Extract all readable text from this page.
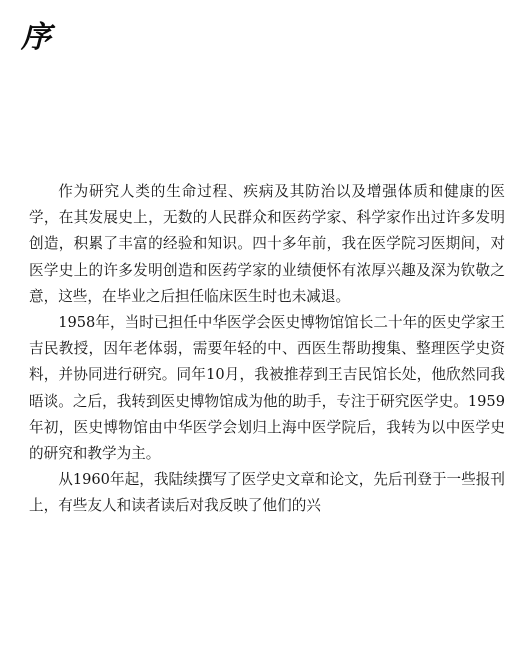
序

作为研究人类的生命过程、疾病及其防治以及增强体质和健康的医学，在其发展史上，无数的人民群众和医药学家、科学家作出过许多发明创造，积累了丰富的经验和知识。四十多年前，我在医学院习医期间，对医学史上的许多发明创造和医药学家的业绩便怀有浓厚兴趣及深为钦敬之意，这些，在毕业之后担任临床医生时也未减退。

1958年，当时已担任中华医学会医史博物馆馆长二十年的医史学家王吉民教授，因年老体弱，需要年轻的中、西医生帮助搜集、整理医学史资料，并协同进行研究。同年10月，我被推荐到王吉民馆长处，他欣然同我晤谈。之后，我转到医史博物馆成为他的助手，专注于研究医学史。1959年初，医史博物馆由中华医学会划归上海中医学院后，我转为以中医学史的研究和教学为主。

从1960年起，我陆续撰写了医学史文章和论文，先后刊登于一些报刊上，有些友人和读者读后对我反映了他们的兴
